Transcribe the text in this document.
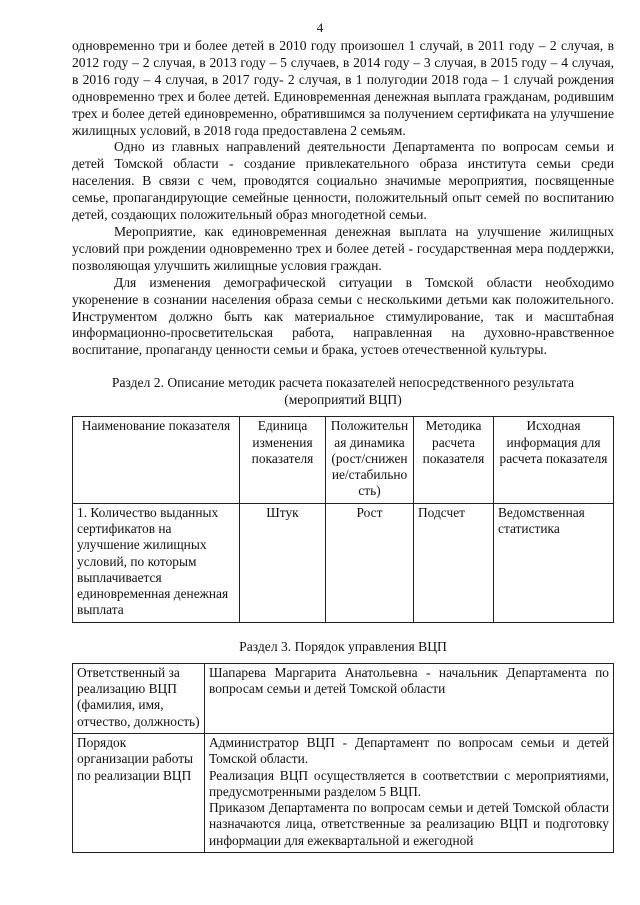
4

одновременно три и более детей в 2010 году произошел 1 случай, в 2011 году – 2 случая, в 2012 году – 2 случая, в 2013 году – 5 случаев, в 2014 году – 3 случая, в 2015 году – 4 случая, в 2016 году – 4 случая, в 2017 году- 2 случая, в 1 полугодии 2018 года – 1 случай рождения одновременно трех и более детей. Единовременная денежная выплата гражданам, родившим трех и более детей единовременно, обратившимся за получением сертификата на улучшение жилищных условий, в 2018 года предоставлена 2 семьям.

Одно из главных направлений деятельности Департамента по вопросам семьи и детей Томской области - создание привлекательного образа института семьи среди населения. В связи с чем, проводятся социально значимые мероприятия, посвященные семье, пропагандирующие семейные ценности, положительный опыт семей по воспитанию детей, создающих положительный образ многодетной семьи.

Мероприятие, как единовременная денежная выплата на улучшение жилищных условий при рождении одновременно трех и более детей - государственная мера поддержки, позволяющая улучшить жилищные условия граждан.

Для изменения демографической ситуации в Томской области необходимо укоренение в сознании населения образа семьи с несколькими детьми как положительного. Инструментом должно быть как материальное стимулирование, так и масштабная информационно-просветительская работа, направленная на духовно-нравственное воспитание, пропаганду ценности семьи и брака, устоев отечественной культуры.

Раздел 2. Описание методик расчета показателей непосредственного результата (мероприятий ВЦП)
Наименование показателя	Единица изменения показателя	Положительн ая динамика (рост/снижен ие/стабильно сть)	Методика расчета показателя	Исходная информация для расчета показателя
1. Количество выданных сертификатов на улучшение жилищных условий, по которым выплачивается единовременная денежная выплата	Штук	Рост	Подсчет	Ведомственная статистика
Раздел 3. Порядок управления ВЦП
Ответственный за реализацию ВЦП (фамилия, имя, отчество, должность)	Шапарева Маргарита Анатольевна - начальник Департамента по вопросам семьи и детей Томской области

Порядок организации работы по реализации ВЦП	Администратор ВЦП - Департамент по вопросам семьи и детей Томской области.

Реализация ВЦП осуществляется в соответствии с мероприятиями, предусмотренными разделом 5 ВЦП.

Приказом Департамента по вопросам семьи и детей Томской области назначаются лица, ответственные за реализацию ВЦП и подготовку информации для ежеквартальной и ежегодной
